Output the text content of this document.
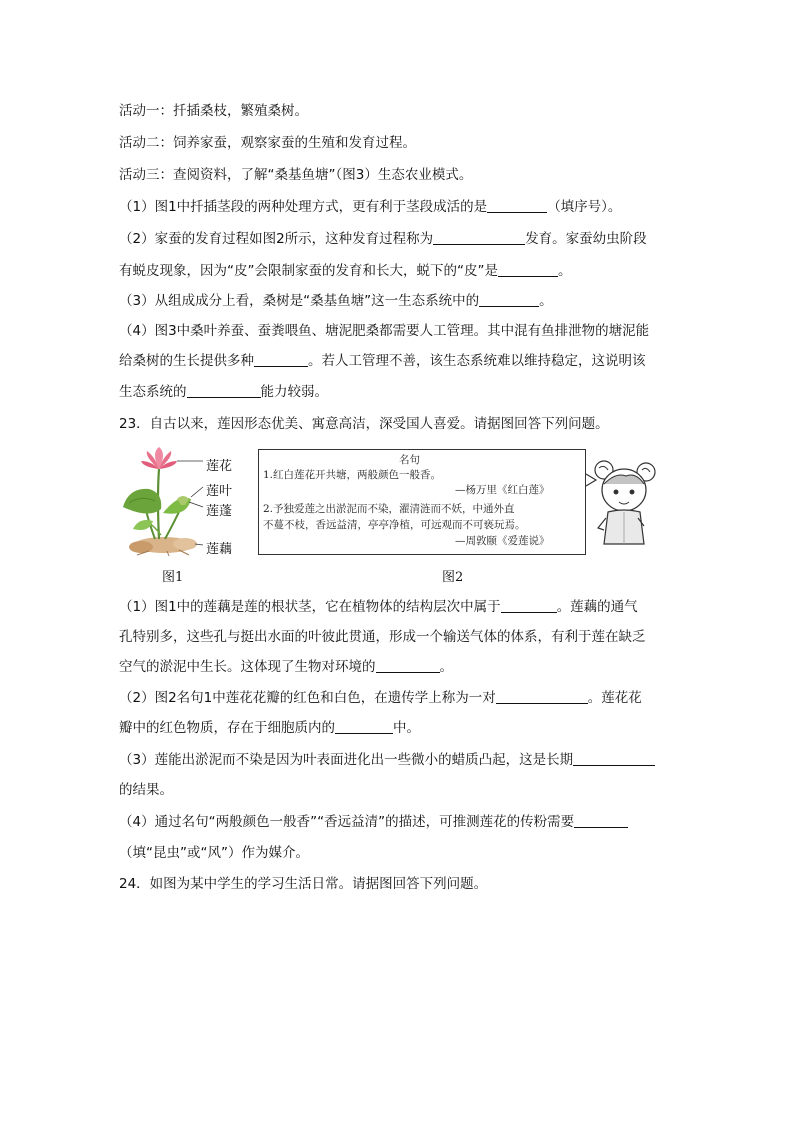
活动一：扦插桑枝，繁殖桑树。
活动二：饲养家蚕，观察家蚕的生殖和发育过程。
活动三：查阅资料，了解“桑基鱼塘”（图3）生态农业模式。
（1）图1中扦插茎段的两种处理方式，更有利于茎段成活的是	（填序号）。
（2）家蚕的发育过程如图2所示，这种发育过程称为	发育。家蚕幼虫阶段
有蜕皮现象，因为“皮”会限制家蚕的发育和长大，蜕下的“皮”是	。
（3）从组成成分上看，桑树是“桑基鱼塘”这一生态系统中的	。
（4）图3中桑叶养蚕、蚕粪喂鱼、塘泥肥桑都需要人工管理。其中混有鱼排泄物的塘泥能
给桑树的生长提供多种	。若人工管理不善，该生态系统难以维持稳定，这说明该
生态系统的	能力较弱。
23．自古以来，莲因形态优美、寓意高洁，深受国人喜爱。请据图回答下列问题。
莲花
莲叶
莲蓬
莲藕
图1
名句
1.红白莲花开共塘，两般颜色一般香。
—杨万里《红白莲》
2.予独爱莲之出淤泥而不染，濯清涟而不妖，中通外直
不蔓不枝，香远益清，亭亭净植，可远观而不可亵玩焉。
—周敦颐《爱莲说》
图2
（1）图1中的莲藕是莲的根状茎，它在植物体的结构层次中属于	。莲藕的通气
孔特别多，这些孔与挺出水面的叶彼此贯通，形成一个输送气体的体系，有利于莲在缺乏
空气的淤泥中生长。这体现了生物对环境的	。
（2）图2名句1中莲花花瓣的红色和白色，在遗传学上称为一对	。莲花花
瓣中的红色物质，存在于细胞质内的	中。
（3）莲能出淤泥而不染是因为叶表面进化出一些微小的蜡质凸起，这是长期
的结果。
（4）通过名句“两般颜色一般香”“香远益清”的描述，可推测莲花的传粉需要
（填“昆虫”或“风”）作为媒介。
24．如图为某中学生的学习生活日常。请据图回答下列问题。
